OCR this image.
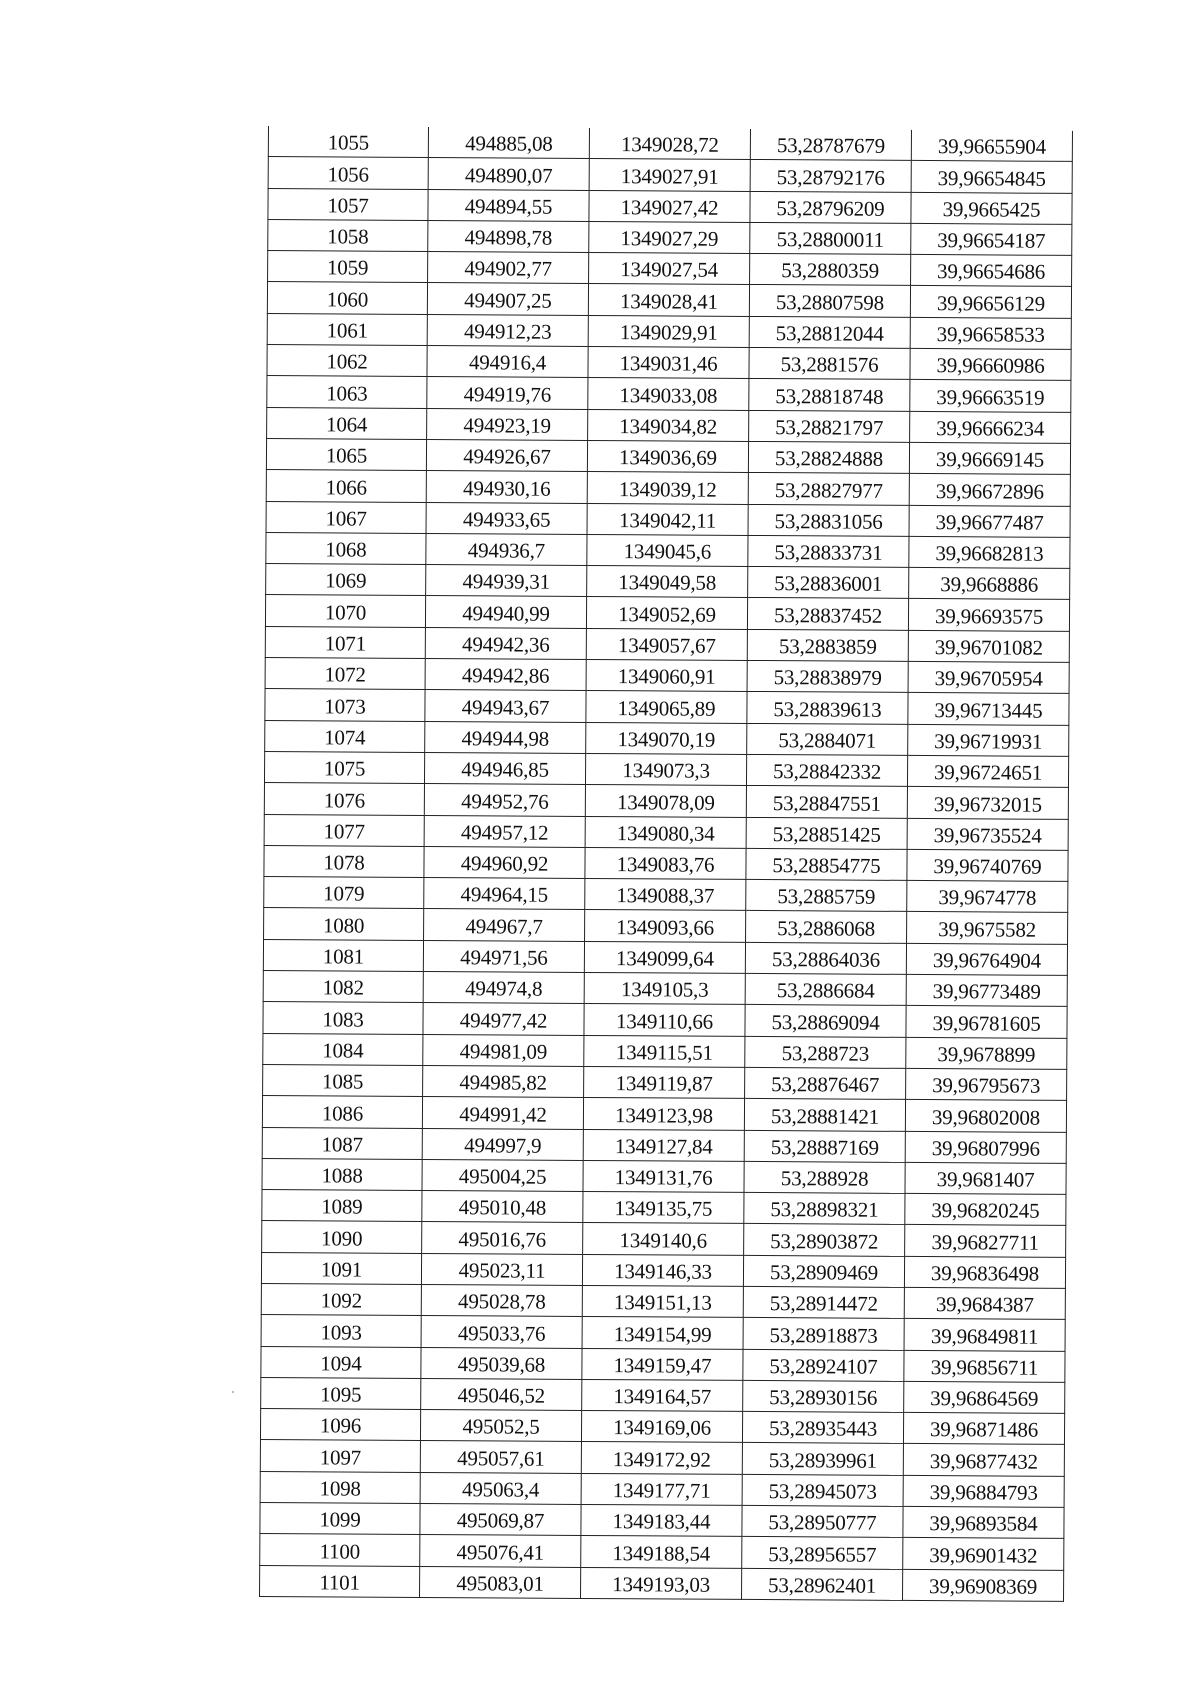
1055	494885,08	1349028,72	53,28787679	39,96655904
1056	494890,07	1349027,91	53,28792176	39,96654845
1057	494894,55	1349027,42	53,28796209	39,9665425
1058	494898,78	1349027,29	53,28800011	39,96654187
1059	494902,77	1349027,54	53,2880359	39,96654686
1060	494907,25	1349028,41	53,28807598	39,96656129
1061	494912,23	1349029,91	53,28812044	39,96658533
1062	494916,4	1349031,46	53,2881576	39,96660986
1063	494919,76	1349033,08	53,28818748	39,96663519
1064	494923,19	1349034,82	53,28821797	39,96666234
1065	494926,67	1349036,69	53,28824888	39,96669145
1066	494930,16	1349039,12	53,28827977	39,96672896
1067	494933,65	1349042,11	53,28831056	39,96677487
1068	494936,7	1349045,6	53,28833731	39,96682813
1069	494939,31	1349049,58	53,28836001	39,9668886
1070	494940,99	1349052,69	53,28837452	39,96693575
1071	494942,36	1349057,67	53,2883859	39,96701082
1072	494942,86	1349060,91	53,28838979	39,96705954
1073	494943,67	1349065,89	53,28839613	39,96713445
1074	494944,98	1349070,19	53,2884071	39,96719931
1075	494946,85	1349073,3	53,28842332	39,96724651
1076	494952,76	1349078,09	53,28847551	39,96732015
1077	494957,12	1349080,34	53,28851425	39,96735524
1078	494960,92	1349083,76	53,28854775	39,96740769
1079	494964,15	1349088,37	53,2885759	39,9674778
1080	494967,7	1349093,66	53,2886068	39,9675582
1081	494971,56	1349099,64	53,28864036	39,96764904
1082	494974,8	1349105,3	53,2886684	39,96773489
1083	494977,42	1349110,66	53,28869094	39,96781605
1084	494981,09	1349115,51	53,288723	39,9678899
1085	494985,82	1349119,87	53,28876467	39,96795673
1086	494991,42	1349123,98	53,28881421	39,96802008
1087	494997,9	1349127,84	53,28887169	39,96807996
1088	495004,25	1349131,76	53,288928	39,9681407
1089	495010,48	1349135,75	53,28898321	39,96820245
1090	495016,76	1349140,6	53,28903872	39,96827711
1091	495023,11	1349146,33	53,28909469	39,96836498
1092	495028,78	1349151,13	53,28914472	39,9684387
1093	495033,76	1349154,99	53,28918873	39,96849811
1094	495039,68	1349159,47	53,28924107	39,96856711
1095	495046,52	1349164,57	53,28930156	39,96864569
1096	495052,5	1349169,06	53,28935443	39,96871486
1097	495057,61	1349172,92	53,28939961	39,96877432
1098	495063,4	1349177,71	53,28945073	39,96884793
1099	495069,87	1349183,44	53,28950777	39,96893584
1100	495076,41	1349188,54	53,28956557	39,96901432
1101	495083,01	1349193,03	53,28962401	39,96908369
